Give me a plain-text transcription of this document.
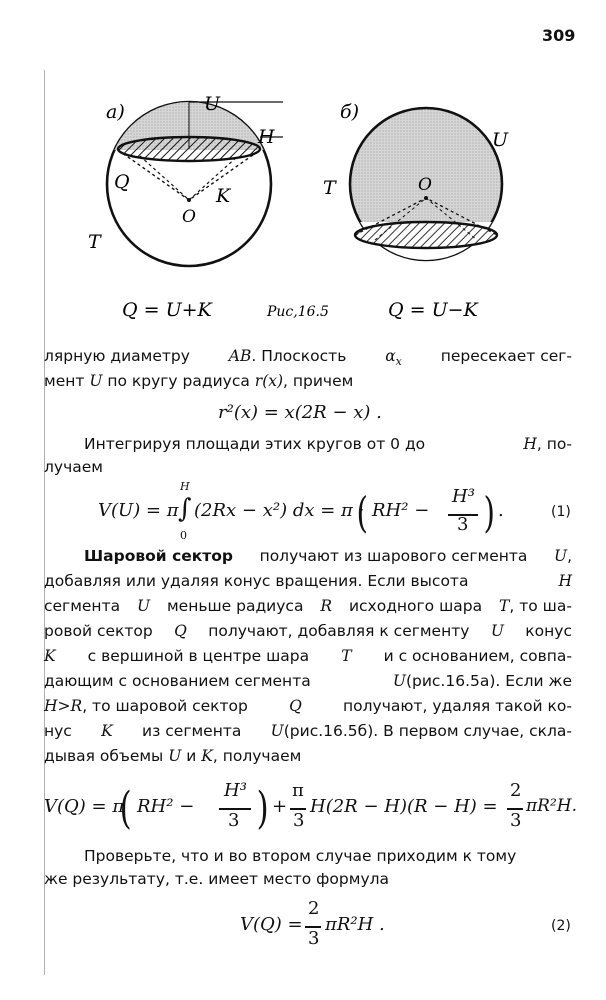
309
а)	U
H
Q
K
O
T
б)
U
T	O
Q = U+K	Рис,16.5	Q = U−K
лярную диаметру	AB. Плоскость	$\alpha_x$	пересекает сег-
мент U по кругу радиуса r(x), причем
r²(x) = x(2R − x) .
Интегрируя площади этих кругов от 0 до	H, по-
лучаем
V(U) = π
H
∫
0
(2Rx − x²) dx = π ·
( RH² −
H³
3 ) .	(1)
Шаровой сектор получают из шарового сегмента U,
добавляя или удаляя конус вращения. Если высота	H
сегмента U меньше радиуса R исходного шара T, то ша-
ровой сектор Q получают, добавляя к сегменту U конус
K с вершиной в центре шара T и с основанием, совпа-
дающим с основанием сегмента	U(рис.16.5а). Если же
H>R, то шаровой сектор	Q	получают, удаляя такой ко-
нус K из сегмента U(рис.16.5б). В первом случае, скла-
дывая объемы U и K, получаем
V(Q) = π
( RH² −
H³
3 ) +
π
3
H(2R − H)(R − H) =
2
3
πR²H.
Проверьте, что и во втором случае приходим к тому
же результату, т.е. имеет место формула
V(Q) =
2
3
πR²H .	(2)
